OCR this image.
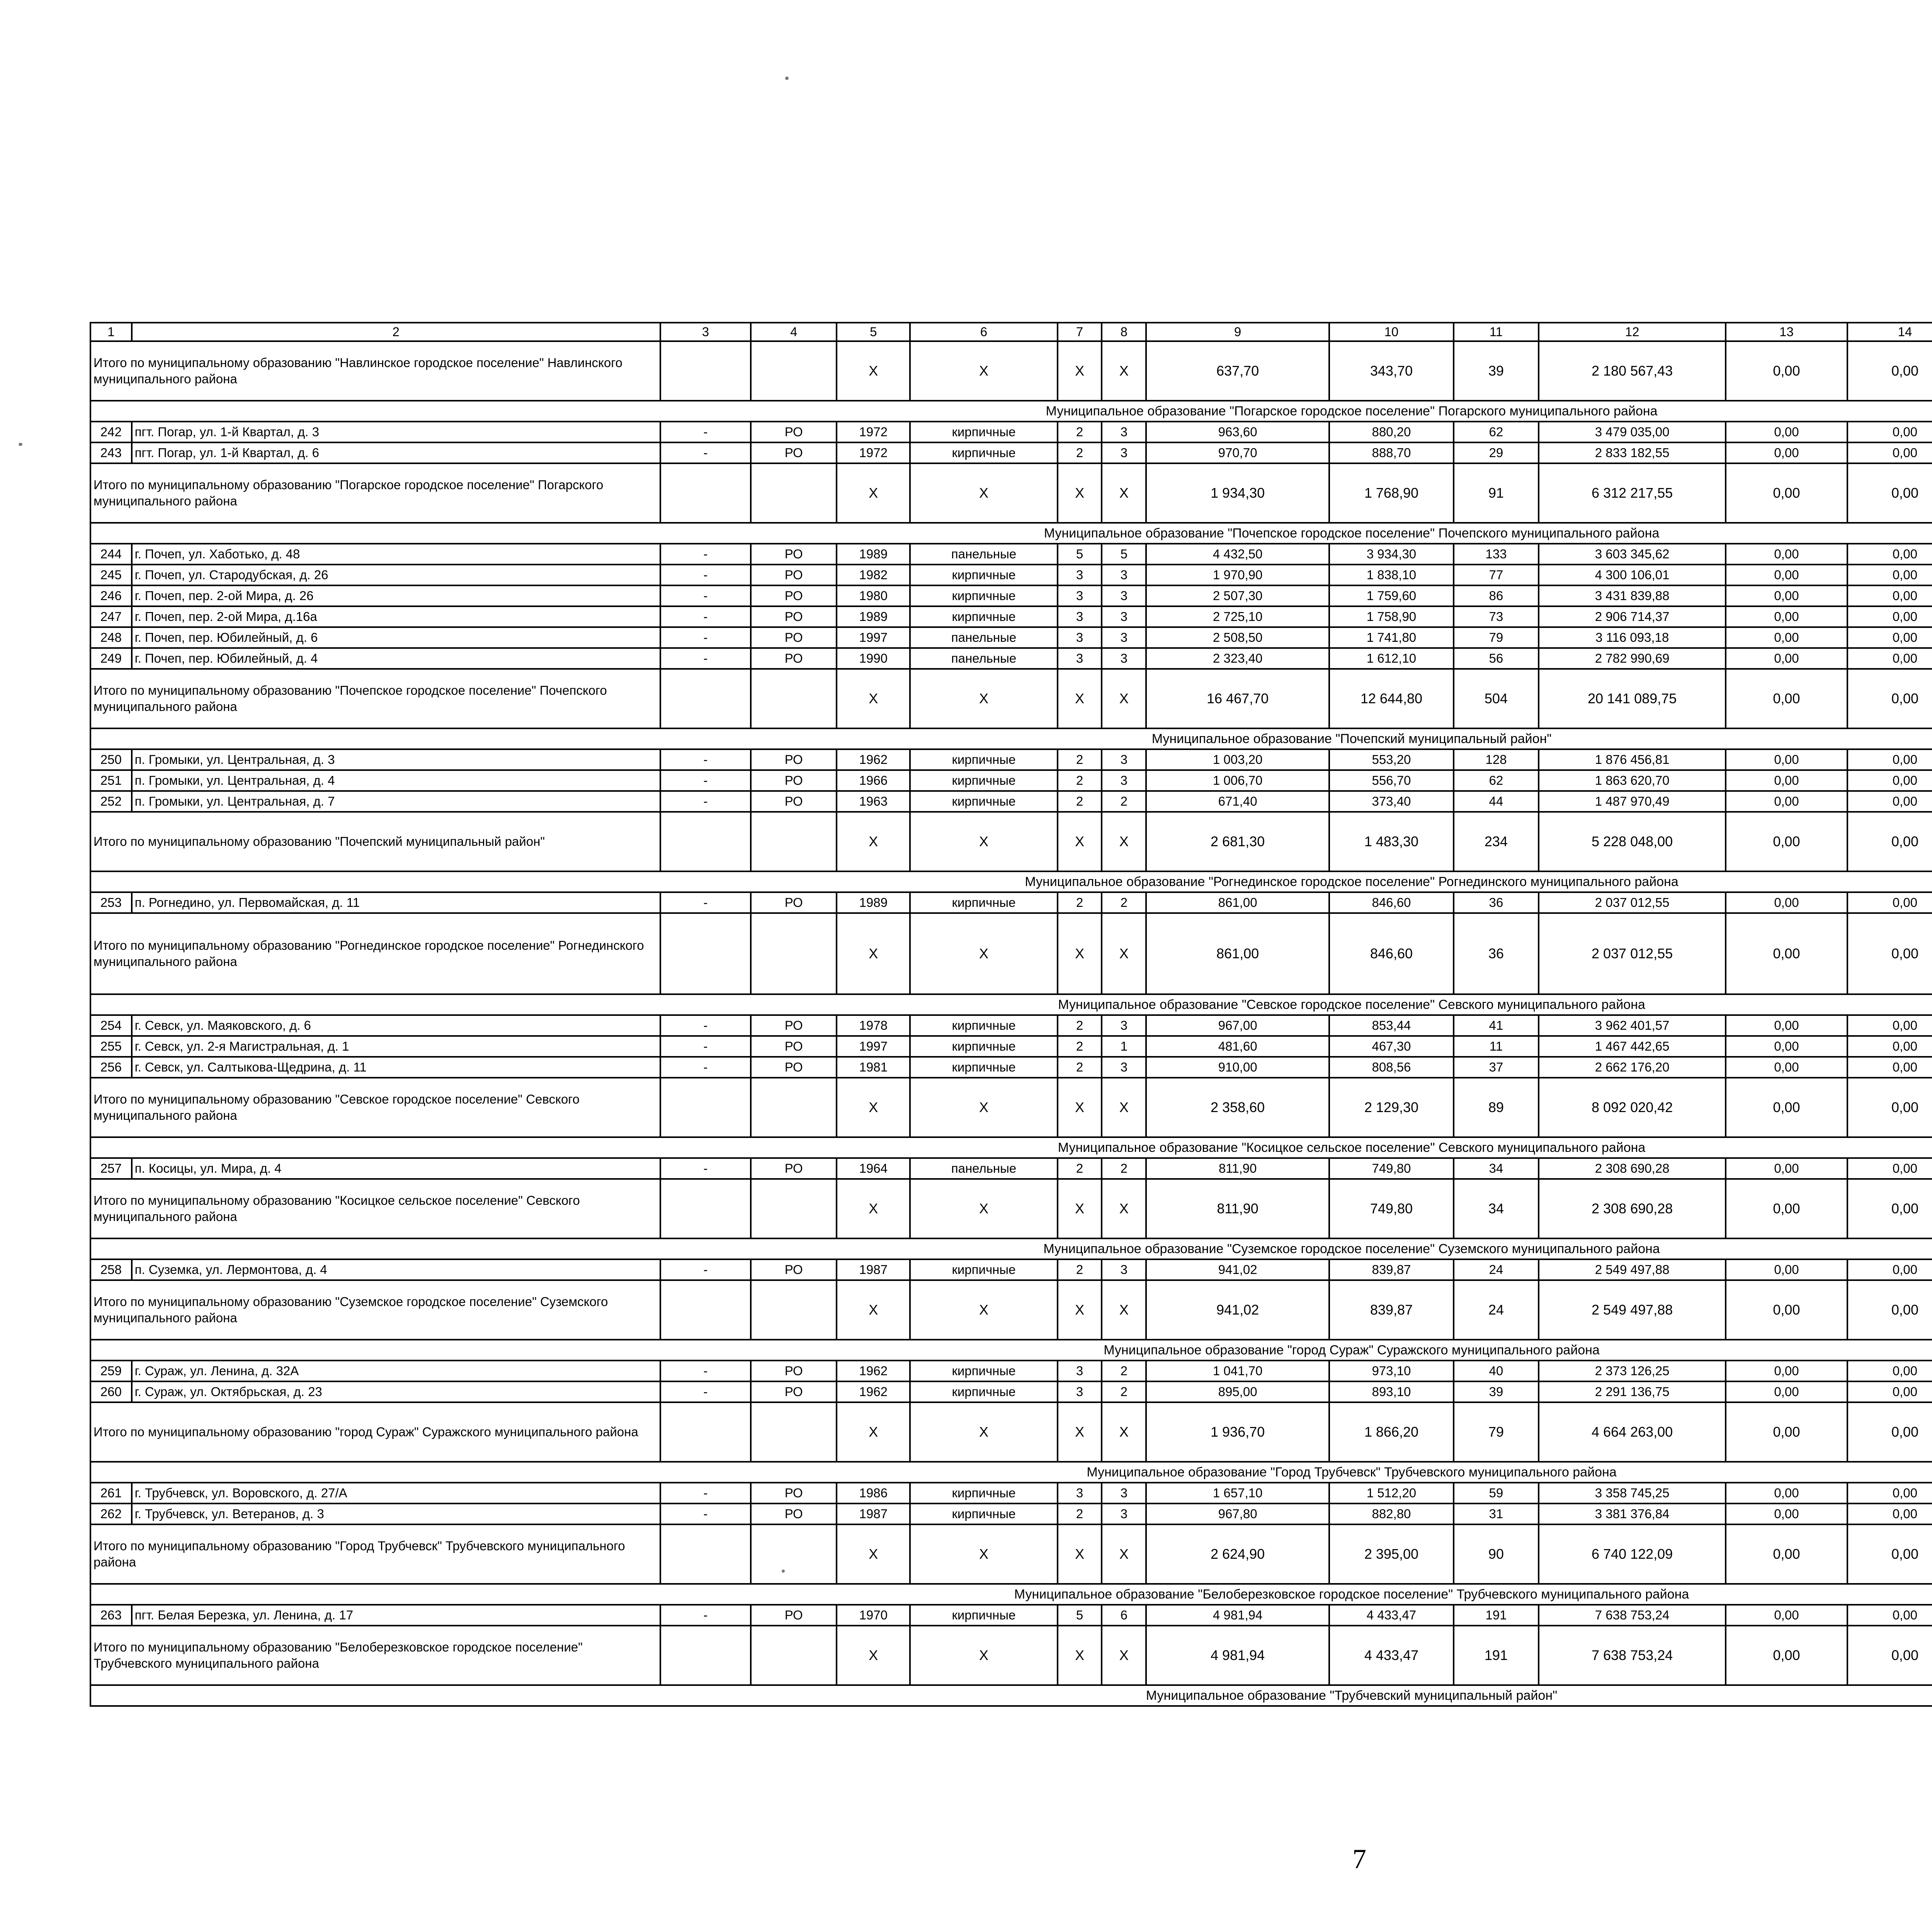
1	2	3	4	5	6	7	8	9	10	11	12	13	14					
Итого по муниципальному образованию "Навлинское городское поселение" Навлинского муниципального района				X	X	X	X	637,70	343,70	39	2 180 567,43	0,00	0,00					
Муниципальное образование "Погарское городское поселение" Погарского муниципального района																		
242	пгт. Погар, ул. 1-й Квартал, д. 3	-	РО	1972	кирпичные	2	3	963,60	880,20	62	3 479 035,00	0,00	0,00					
243	пгт. Погар, ул. 1-й Квартал, д. 6	-	РО	1972	кирпичные	2	3	970,70	888,70	29	2 833 182,55	0,00	0,00					
Итого по муниципальному образованию "Погарское городское поселение" Погарского муниципального района				X	X	X	X	1 934,30	1 768,90	91	6 312 217,55	0,00	0,00					
Муниципальное образование "Почепское городское поселение" Почепского муниципального района																		
244	г. Почеп, ул. Хаботько, д. 48	-	РО	1989	панельные	5	5	4 432,50	3 934,30	133	3 603 345,62	0,00	0,00					
245	г. Почеп, ул. Стародубская, д. 26	-	РО	1982	кирпичные	3	3	1 970,90	1 838,10	77	4 300 106,01	0,00	0,00					
246	г. Почеп, пер. 2-ой Мира, д. 26	-	РО	1980	кирпичные	3	3	2 507,30	1 759,60	86	3 431 839,88	0,00	0,00					
247	г. Почеп, пер. 2-ой Мира, д.16а	-	РО	1989	кирпичные	3	3	2 725,10	1 758,90	73	2 906 714,37	0,00	0,00					
248	г. Почеп, пер. Юбилейный, д. 6	-	РО	1997	панельные	3	3	2 508,50	1 741,80	79	3 116 093,18	0,00	0,00					
249	г. Почеп, пер. Юбилейный, д. 4	-	РО	1990	панельные	3	3	2 323,40	1 612,10	56	2 782 990,69	0,00	0,00					
Итого по муниципальному образованию "Почепское городское поселение" Почепского муниципального района				X	X	X	X	16 467,70	12 644,80	504	20 141 089,75	0,00	0,00					
Муниципальное образование "Почепский муниципальный район"																		
250	п. Громыки, ул. Центральная, д. 3	-	РО	1962	кирпичные	2	3	1 003,20	553,20	128	1 876 456,81	0,00	0,00					
251	п. Громыки, ул. Центральная, д. 4	-	РО	1966	кирпичные	2	3	1 006,70	556,70	62	1 863 620,70	0,00	0,00					
252	п. Громыки, ул. Центральная, д. 7	-	РО	1963	кирпичные	2	2	671,40	373,40	44	1 487 970,49	0,00	0,00					
Итого по муниципальному образованию "Почепский муниципальный район"				X	X	X	X	2 681,30	1 483,30	234	5 228 048,00	0,00	0,00					
Муниципальное образование "Рогнединское городское поселение" Рогнединского муниципального района																		
253	п. Рогнедино, ул. Первомайская, д. 11	-	РО	1989	кирпичные	2	2	861,00	846,60	36	2 037 012,55	0,00	0,00					
Итого по муниципальному образованию "Рогнединское городское поселение" Рогнединского муниципального района				X	X	X	X	861,00	846,60	36	2 037 012,55	0,00	0,00					
Муниципальное образование "Севское городское поселение" Севского муниципального района																		
254	г. Севск, ул. Маяковского, д. 6	-	РО	1978	кирпичные	2	3	967,00	853,44	41	3 962 401,57	0,00	0,00					
255	г. Севск, ул. 2-я Магистральная, д. 1	-	РО	1997	кирпичные	2	1	481,60	467,30	11	1 467 442,65	0,00	0,00					
256	г. Севск, ул. Салтыкова-Щедрина, д. 11	-	РО	1981	кирпичные	2	3	910,00	808,56	37	2 662 176,20	0,00	0,00					
Итого по муниципальному образованию "Севское городское поселение" Севского муниципального района				X	X	X	X	2 358,60	2 129,30	89	8 092 020,42	0,00	0,00					
Муниципальное образование "Косицкое сельское поселение" Севского муниципального района																		
257	п. Косицы, ул. Мира, д. 4	-	РО	1964	панельные	2	2	811,90	749,80	34	2 308 690,28	0,00	0,00					
Итого по муниципальному образованию "Косицкое сельское поселение" Севского муниципального района				X	X	X	X	811,90	749,80	34	2 308 690,28	0,00	0,00					
Муниципальное образование "Суземское городское поселение" Суземского муниципального района																		
258	п. Суземка, ул. Лермонтова, д. 4	-	РО	1987	кирпичные	2	3	941,02	839,87	24	2 549 497,88	0,00	0,00					
Итого по муниципальному образованию "Суземское городское поселение" Суземского муниципального района				X	X	X	X	941,02	839,87	24	2 549 497,88	0,00	0,00					
Муниципальное образование "город Сураж" Суражского муниципального района																		
259	г. Сураж, ул. Ленина, д. 32А	-	РО	1962	кирпичные	3	2	1 041,70	973,10	40	2 373 126,25	0,00	0,00					
260	г. Сураж, ул. Октябрьская, д. 23	-	РО	1962	кирпичные	3	2	895,00	893,10	39	2 291 136,75	0,00	0,00					
Итого по муниципальному образованию "город Сураж" Суражского муниципального района				X	X	X	X	1 936,70	1 866,20	79	4 664 263,00	0,00	0,00					
Муниципальное образование "Город Трубчевск" Трубчевского муниципального района																		
261	г. Трубчевск, ул. Воровского, д. 27/А	-	РО	1986	кирпичные	3	3	1 657,10	1 512,20	59	3 358 745,25	0,00	0,00					
262	г. Трубчевск, ул. Ветеранов, д. 3	-	РО	1987	кирпичные	2	3	967,80	882,80	31	3 381 376,84	0,00	0,00					
Итого по муниципальному образованию "Город Трубчевск" Трубчевского муниципального района				X	X	X	X	2 624,90	2 395,00	90	6 740 122,09	0,00	0,00					
Муниципальное образование "Белоберезковское городское поселение" Трубчевского муниципального района																		
263	пгт. Белая Березка, ул. Ленина, д. 17	-	РО	1970	кирпичные	5	6	4 981,94	4 433,47	191	7 638 753,24	0,00	0,00					
Итого по муниципальному образованию "Белоберезковское городское поселение" Трубчевского муниципального района				X	X	X	X	4 981,94	4 433,47	191	7 638 753,24	0,00	0,00					
Муниципальное образование "Трубчевский муниципальный район"																		
7
